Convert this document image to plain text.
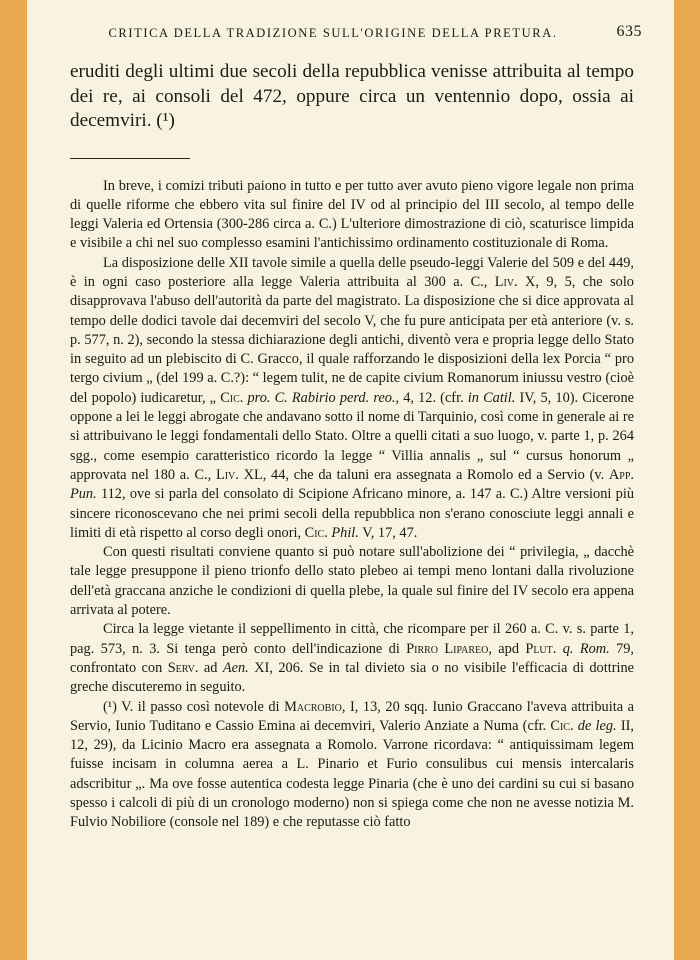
CRITICA DELLA TRADIZIONE SULL'ORIGINE DELLA PRETURA.	635

eruditi degli ultimi due secoli della repubblica venisse attribuita al tempo dei re, ai consoli del 472, oppure circa un ventennio dopo, ossia ai decemviri. (¹)

In breve, i comizi tributi paiono in tutto e per tutto aver avuto pieno vigore legale non prima di quelle riforme che ebbero vita sul finire del IV od al principio del III secolo, al tempo delle leggi Valeria ed Ortensia (300-286 circa a. C.) L'ulteriore dimostrazione di ciò, scaturisce limpida e visibile a chi nel suo complesso esamini l'antichissimo ordinamento costituzionale di Roma.

La disposizione delle XII tavole simile a quella delle pseudo-leggi Valerie del 509 e del 449, è in ogni caso posteriore alla legge Valeria attribuita al 300 a. C., Liv. X, 9, 5, che solo disapprovava l'abuso dell'autorità da parte del magistrato. La disposizione che si dice approvata al tempo delle dodici tavole dai decemviri del secolo V, che fu pure anticipata per età anteriore (v. s. p. 577, n. 2), secondo la stessa dichiarazione degli antichi, diventò vera e propria legge dello Stato in seguito ad un plebiscito di C. Gracco, il quale rafforzando le disposizioni della lex Porcia “ pro tergo civium „ (del 199 a. C.?): “ legem tulit, ne de capite civium Romanorum iniussu vestro (cioè del popolo) iudicaretur, „ Cic. pro. C. Rabirio perd. reo., 4, 12. (cfr. in Catil. IV, 5, 10). Cicerone oppone a lei le leggi abrogate che andavano sotto il nome di Tarquinio, così come in generale ai re si attribuivano le leggi fondamentali dello Stato. Oltre a quelli citati a suo luogo, v. parte 1, p. 264 sgg., come esempio caratteristico ricordo la legge “ Villia annalis „ sul “ cursus honorum „ approvata nel 180 a. C., Liv. XL, 44, che da taluni era assegnata a Romolo ed a Servio (v. App. Pun. 112, ove si parla del consolato di Scipione Africano minore, a. 147 a. C.) Altre versioni più sincere riconoscevano che nei primi secoli della repubblica non s'erano conosciute leggi annali e limiti di età rispetto al corso degli onori, Cic. Phil. V, 17, 47.

Con questi risultati conviene quanto si può notare sull'abolizione dei “ privilegia, „ dacchè tale legge presuppone il pieno trionfo dello stato plebeo ai tempi meno lontani dalla rivoluzione dell'età graccana anziche le condizioni di quella plebe, la quale sul finire del IV secolo era appena arrivata al potere.

Circa la legge vietante il seppellimento in città, che ricompare per il 260 a. C. v. s. parte 1, pag. 573, n. 3. Si tenga però conto dell'indicazione di Pirro Lipareo, apd Plut. q. Rom. 79, confrontato con Serv. ad Aen. XI, 206. Se in tal divieto sia o no visibile l'efficacia di dottrine greche discuteremo in seguito.

(¹) V. il passo così notevole di Macrobio, I, 13, 20 sqq. Iunio Graccano l'aveva attribuita a Servio, Iunio Tuditano e Cassio Emina ai decemviri, Valerio Anziate a Numa (cfr. Cic. de leg. II, 12, 29), da Licinio Macro era assegnata a Romolo. Varrone ricordava: “ antiquissimam legem fuisse incisam in columna aerea a L. Pinario et Furio consulibus cui mensis intercalaris adscribitur „. Ma ove fosse autentica codesta legge Pinaria (che è uno dei cardini su cui si basano spesso i calcoli di più di un cronologo moderno) non si spiega come che non ne avesse notizia M. Fulvio Nobiliore (console nel 189) e che reputasse ciò fatto
